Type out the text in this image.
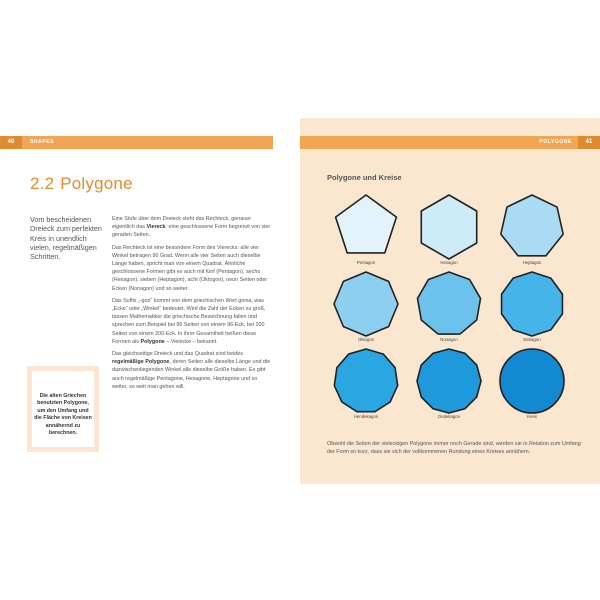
40	SHAPES
2.2 Polygone
Vom bescheidenen Dreieck zum perfekten Kreis in unendlich vielen, regelmäßigen Schritten.

Eine Stufe über dem Dreieck steht das Rechteck, genauer eigentlich das Viereck: eine geschlossene Form begrenzt von vier geraden Seiten.

Das Rechteck ist eine besondere Form des Vierecks: alle vier Winkel betragen 90 Grad. Wenn alle vier Seiten auch dieselbe Länge haben, spricht man von einem Quadrat. Ähnliche geschlossene Formen gibt es auch mit fünf (Pentagon), sechs (Hexagon), sieben (Heptagon), acht (Oktogon), neun Seiten oder Ecken (Nonagon) und so weiter.

Das Suffix „-gon“ kommt von dem griechischen Wort gonia, was „Ecke“ oder „Winkel“ bedeutet. Wird die Zahl der Ecken zu groß, tassen Mathematiker die griechische Bezeichnung fallen und sprechen zum Beispiel bei 96 Seiten von einem 96-Eck, bei 200 Seiten von einem 200-Eck. In ihrer Gesamtheit heißen diese Formen als Polygone – Vielecke – bekannt.

Das gleichseitige Dreieck und das Quadrat sind beides regelmäßige Polygone, deren Seiten alle dieselbe Länge und die dazwischenliegenden Winkel alle dieselbe Größe haben. Es gibt auch regelmäßige Pentagone, Hexagone, Heptagone und so weiter, so weit man gehen will.

Die alten Griechen benutzten Polygone, um den Umfang und die Fläche von Kreisen annähernd zu berechnen.
POLYGONE	41
Polygone und Kreise
Pentagon	Hexagon	Heptagon
Oktogon	Nonagon	Dekagon
Hendekagon	Dodekagon	Kreis
Obwohl die Seiten der vieleckigen Polygone immer noch Gerade sind, werden sie in Relation zum Umfang der Form so kurz, dass sie sich der vollkommenen Rundung eines Kreises annähern.
